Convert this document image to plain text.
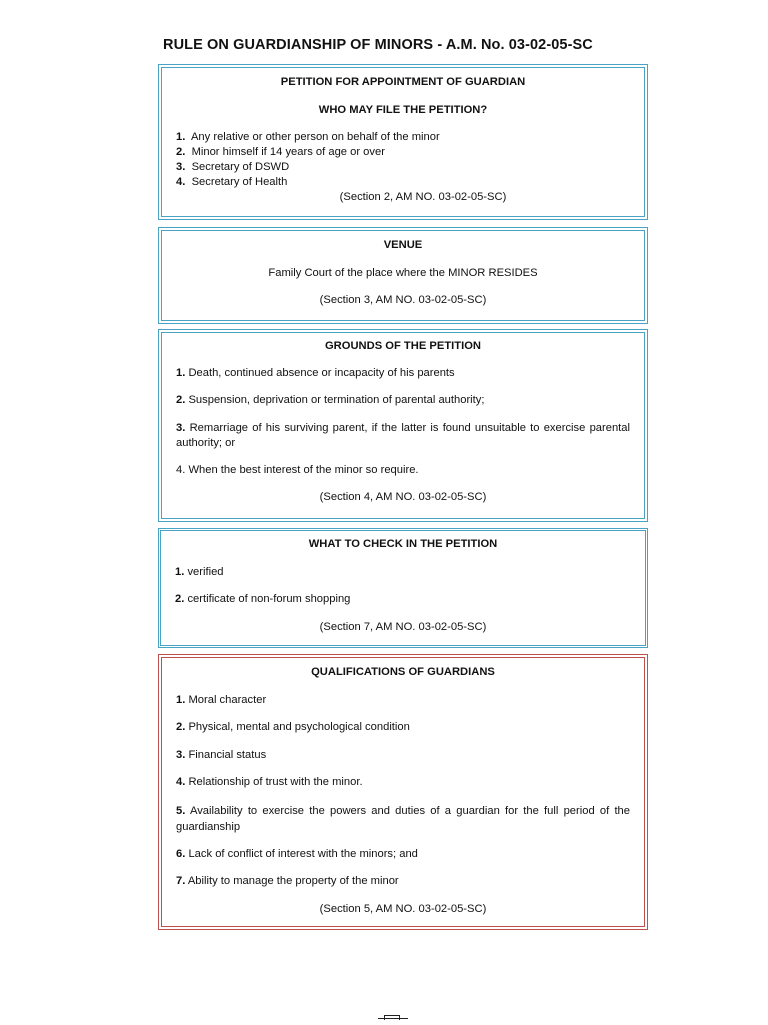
RULE ON GUARDIANSHIP OF MINORS - A.M. No. 03-02-05-SC
PETITION FOR APPOINTMENT OF GUARDIAN
WHO MAY FILE THE PETITION?
1. Any relative or other person on behalf of the minor
2. Minor himself if 14 years of age or over
3. Secretary of DSWD
4. Secretary of Health
(Section 2, AM NO. 03-02-05-SC)
VENUE
Family Court of the place where the MINOR RESIDES
(Section 3, AM NO. 03-02-05-SC)
GROUNDS OF THE PETITION
1. Death, continued absence or incapacity of his parents
2. Suspension, deprivation or termination of parental authority;
3. Remarriage of his surviving parent, if the latter is found unsuitable to exercise parental authority; or
4. When the best interest of the minor so require.
(Section 4, AM NO. 03-02-05-SC)
WHAT TO CHECK IN THE PETITION
1. verified
2. certificate of non-forum shopping
(Section 7, AM NO. 03-02-05-SC)
QUALIFICATIONS OF GUARDIANS
1. Moral character
2. Physical, mental and psychological condition
3. Financial status
4. Relationship of trust with the minor.
5. Availability to exercise the powers and duties of a guardian for the full period of the guardianship
6. Lack of conflict of interest with the minors; and
7. Ability to manage the property of the minor
(Section 5, AM NO. 03-02-05-SC)
